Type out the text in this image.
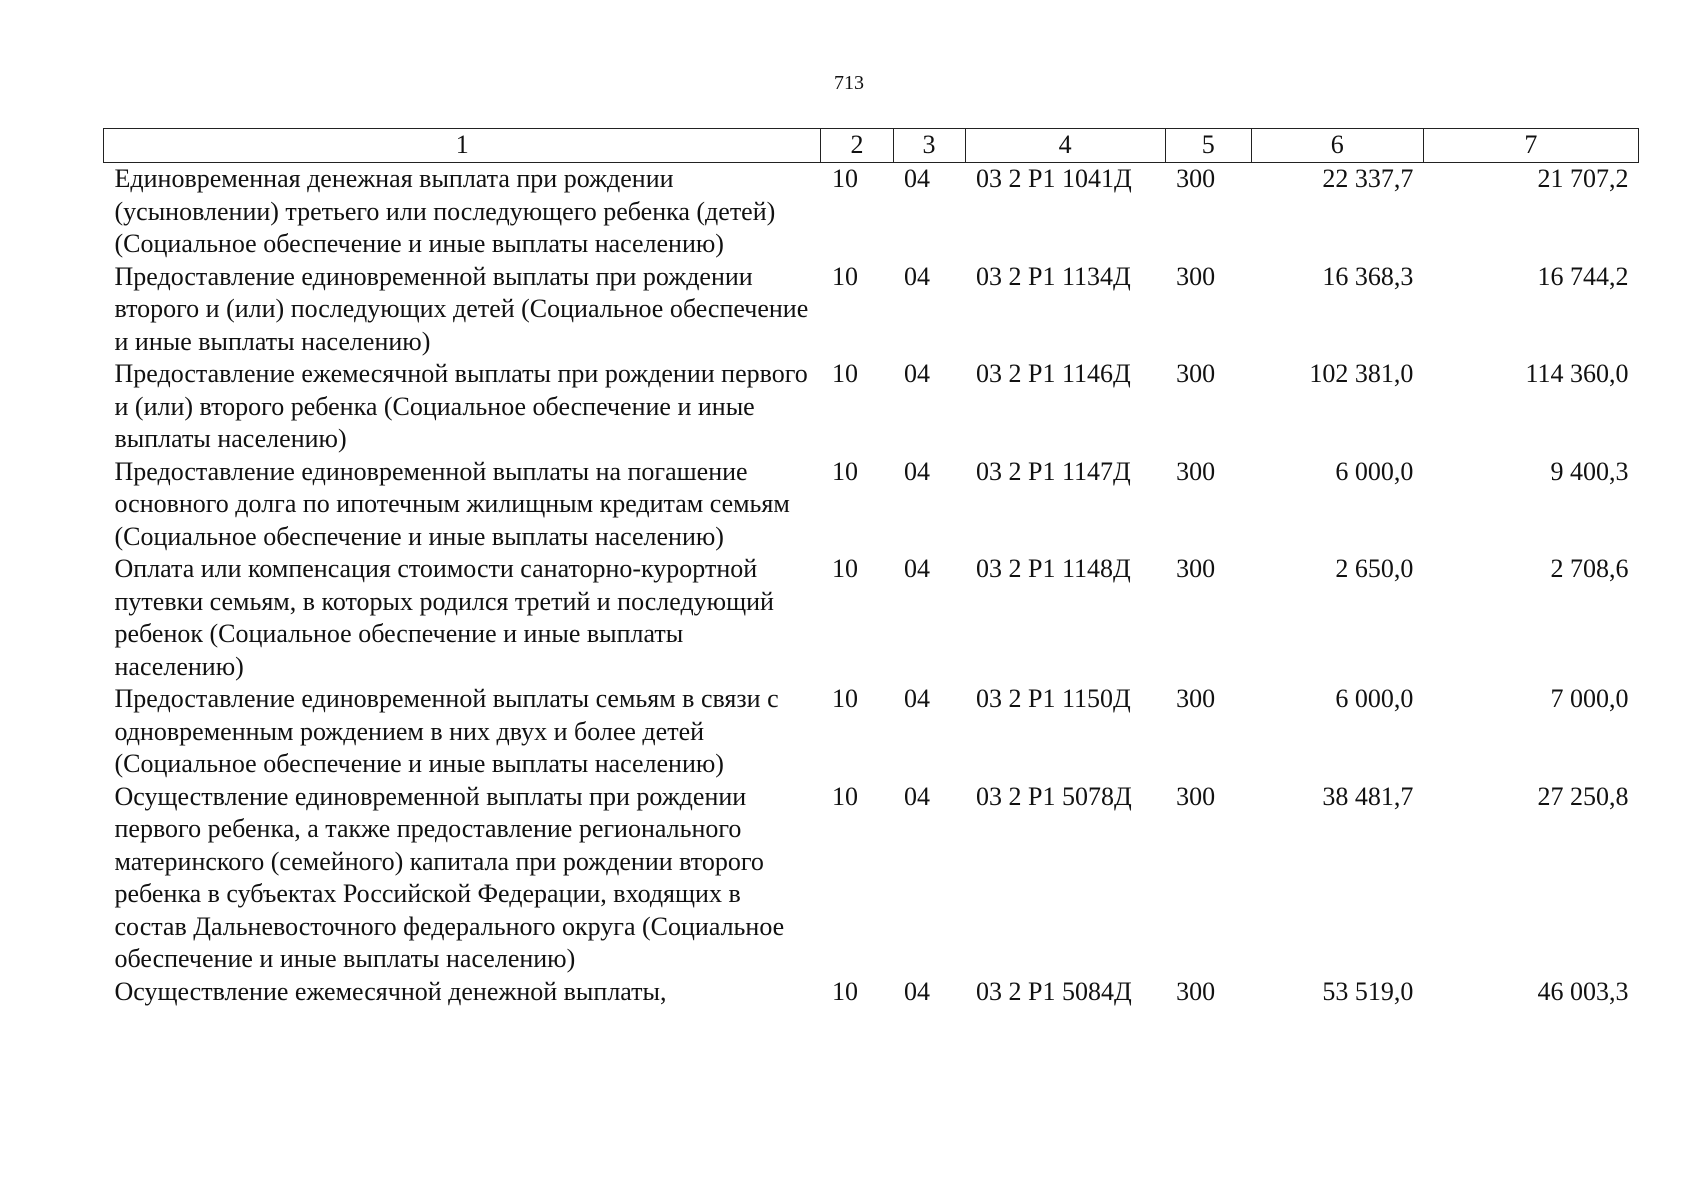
713
1	2	3	4	5	6	7
Единовременная денежная выплата при рождении (усыновлении) третьего или последующего ребенка (детей) (Социальное обеспечение и иные выплаты населению)	10	04	03 2 Р1 1041Д	300	22 337,7	21 707,2
Предоставление единовременной выплаты при рождении второго и (или) последующих детей (Социальное обеспечение и иные выплаты населению)	10	04	03 2 Р1 1134Д	300	16 368,3	16 744,2
Предоставление ежемесячной выплаты при рождении первого и (или) второго ребенка (Социальное обеспечение и иные выплаты населению)	10	04	03 2 Р1 1146Д	300	102 381,0	114 360,0
Предоставление единовременной выплаты на погашение основного долга по ипотечным жилищным кредитам семьям (Социальное обеспечение и иные выплаты населению)	10	04	03 2 Р1 1147Д	300	6 000,0	9 400,3
Оплата или компенсация стоимости санаторно-курортной путевки семьям, в которых родился третий и последующий ребенок (Социальное обеспечение и иные выплаты населению)	10	04	03 2 Р1 1148Д	300	2 650,0	2 708,6
Предоставление единовременной выплаты семьям в связи с одновременным рождением в них двух и более детей (Социальное обеспечение и иные выплаты населению)	10	04	03 2 Р1 1150Д	300	6 000,0	7 000,0
Осуществление единовременной выплаты при рождении первого ребенка, а также предоставление регионального материнского (семейного) капитала при рождении второго ребенка в субъектах Российской Федерации, входящих в состав Дальневосточного федерального округа (Социальное обеспечение и иные выплаты населению)	10	04	03 2 Р1 5078Д	300	38 481,7	27 250,8
Осуществление ежемесячной денежной выплаты,	10	04	03 2 Р1 5084Д	300	53 519,0	46 003,3
